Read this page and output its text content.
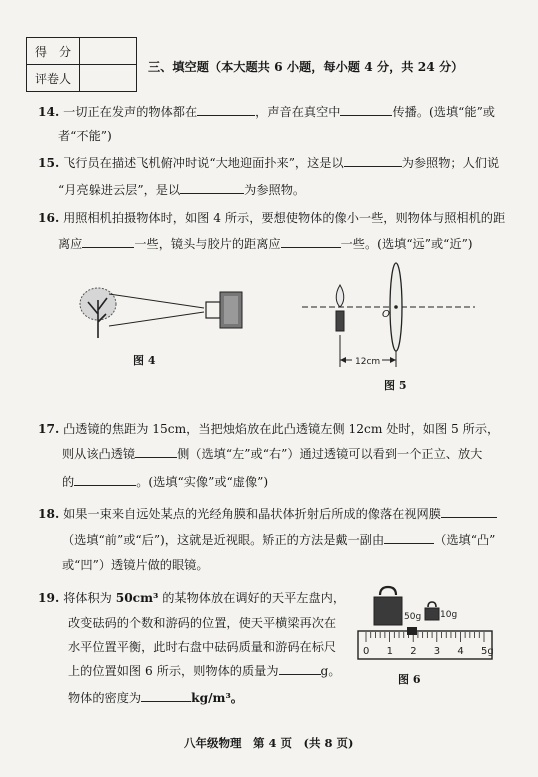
得　分	
评卷人	
三、填空题（本大题共 6 小题，每小题 4 分，共 24 分）
14. 一切正在发声的物体都在	，声音在真空中	传播。(选填“能”或
者“不能”)
15. 飞行员在描述飞机俯冲时说“大地迎面扑来”，这是以	为参照物；人们说
“月亮躲进云层”，是以	为参照物。
16. 用照相机拍摄物体时，如图 4 所示，要想使物体的像小一些，则物体与照相机的距
离应	一些，镜头与胶片的距离应	一些。(选填“远”或“近”)
图 4
O
12cm
图 5
17. 凸透镜的焦距为 15cm，当把烛焰放在此凸透镜左侧 12cm 处时，如图 5 所示，
则从该凸透镜	侧（选填“左”或“右”）通过透镜可以看到一个正立、放大
的	。(选填“实像”或“虚像”)
18. 如果一束来自远处某点的光经角膜和晶状体折射后所成的像落在视网膜
（选填“前”或“后”)，这就是近视眼。矫正的方法是戴一副由	（选填“凸”
或“凹”）透镜片做的眼镜。
19. 将体积为 50cm³ 的某物体放在调好的天平左盘内，
改变砝码的个数和游码的位置，使天平横梁再次在
水平位置平衡，此时右盘中砝码质量和游码在标尺
上的位置如图 6 所示，则物体的质量为	g。
物体的密度为	kg/m³。
50g 10g
0 1 2 3 4 5g
图 6
八年级物理　第 4 页　(共 8 页)
